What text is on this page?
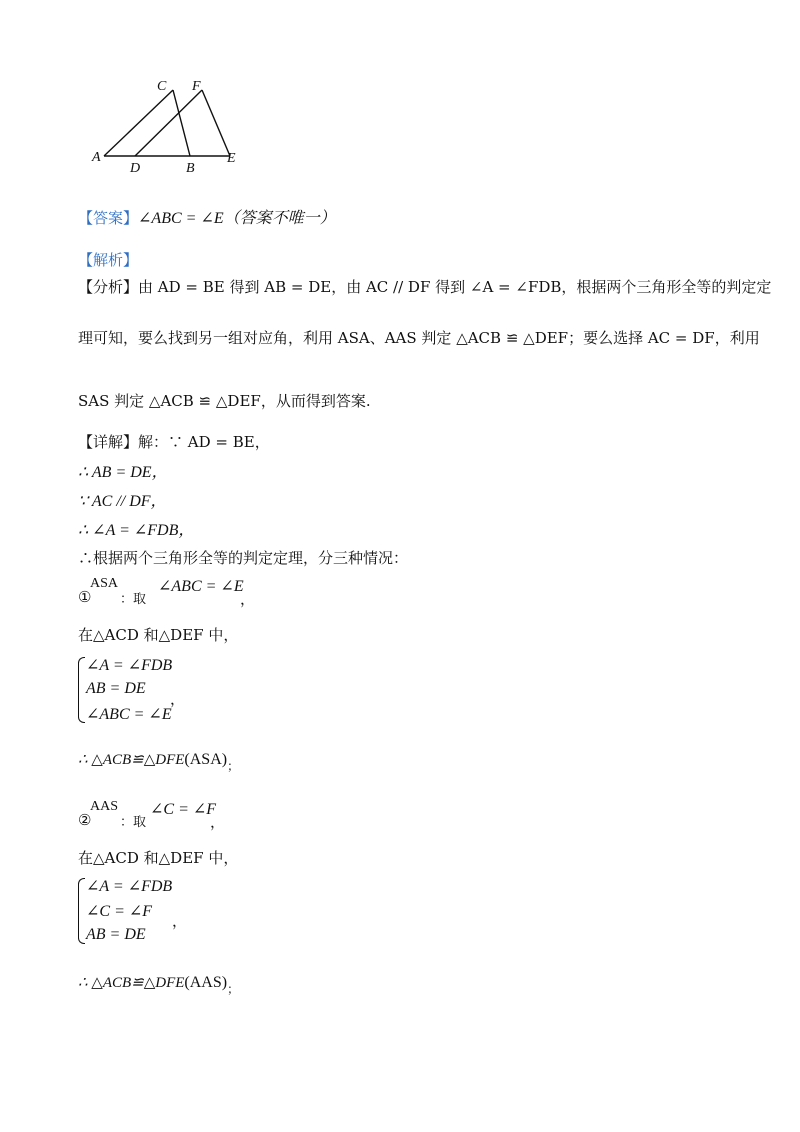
A
C F
D	B
E
【答案】∠ABC = ∠E（答案不唯一）
【解析】
【分析】由 AD = BE 得到 AB = DE，由 AC // DF 得到 ∠A = ∠FDB，根据两个三角形全等的判定定
理可知，要么找到另一组对应角，利用 ASA、AAS 判定 △ACB ≌ △DEF；要么选择 AC = DF，利用
SAS 判定 △ACB ≌ △DEF，从而得到答案.
【详解】解：∵ AD = BE，
∴ AB = DE，
∵ AC // DF，
∴ ∠A = ∠FDB，
∴根据两个三角形全等的判定定理，分三种情况：
①
ASA
：取
∠ABC = ∠E
，
在△ACD 和△DEF 中，
∠A = ∠FDB
AB = DE
∠ABC = ∠E
，
∴ $\triangle ACB≌\triangle DFE(ASA)_;$
②
AAS
：取
∠C = ∠F
，
在△ACD 和△DEF 中，
∠A = ∠FDB
∠C = ∠F
AB = DE
，
∴ $\triangle ACB≌\triangle DFE(AAS)_;$
